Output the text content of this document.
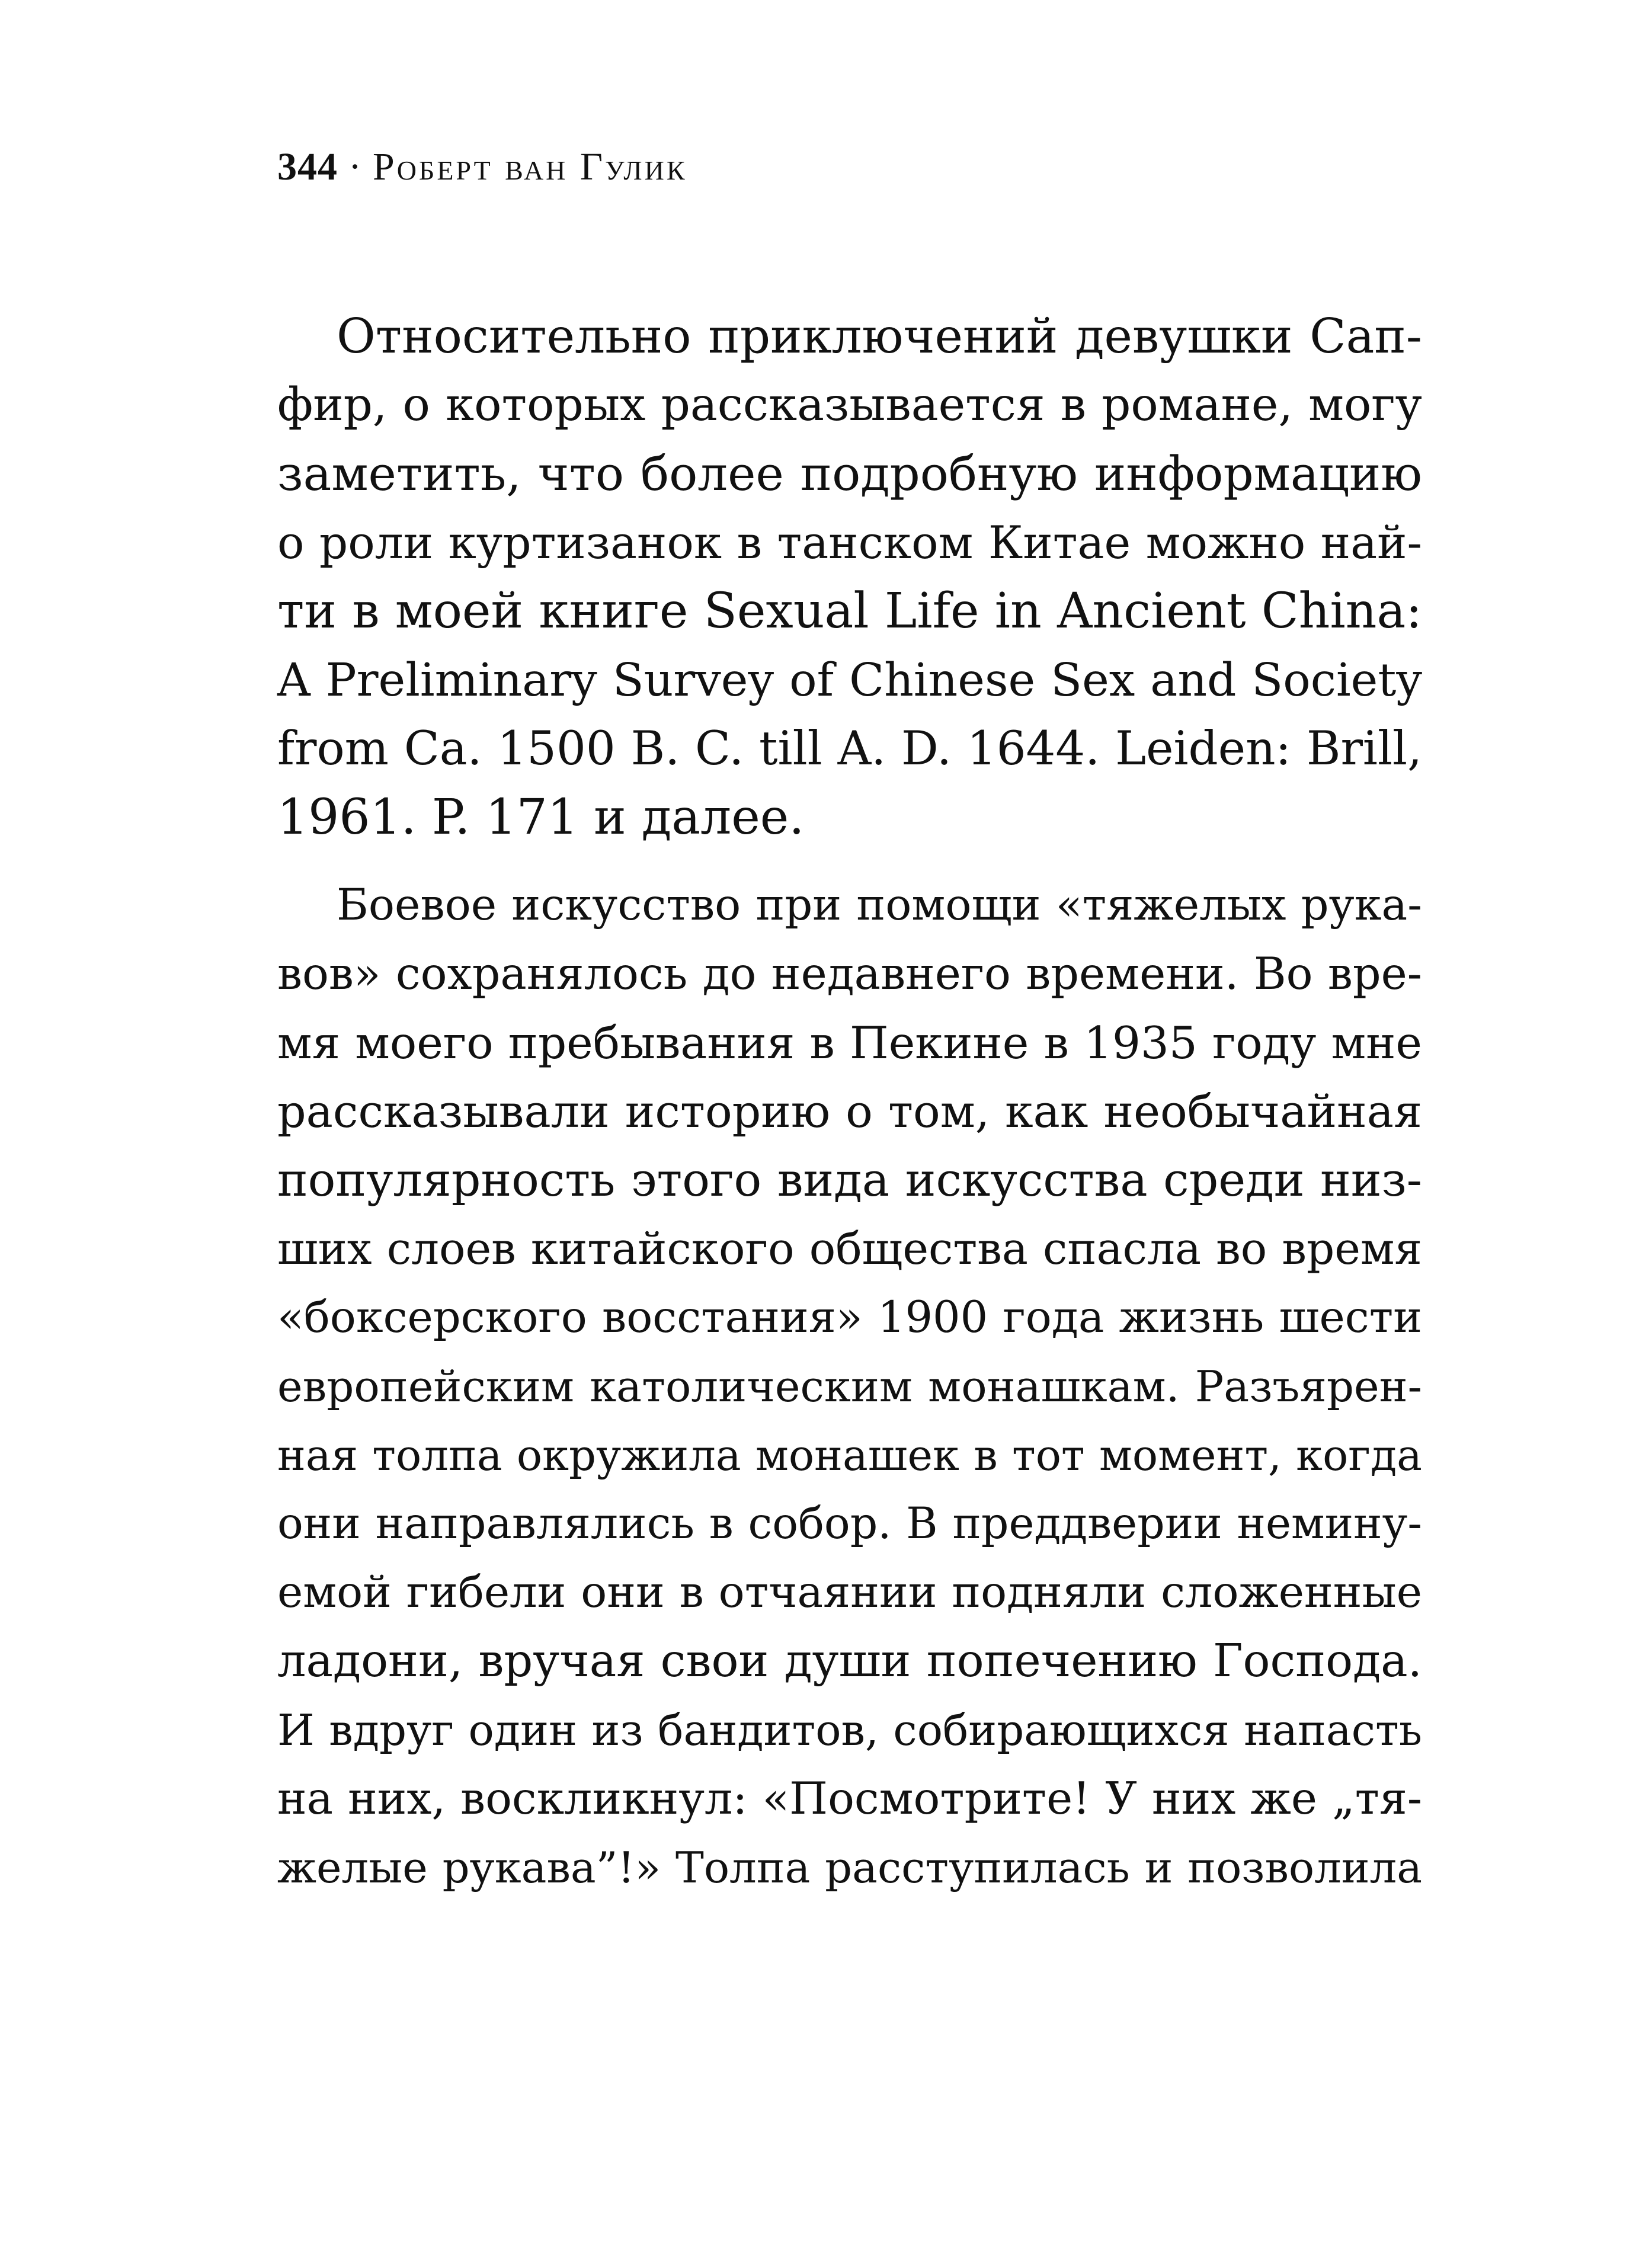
344 · Роберт ван Гулик

Относительно приключений девушки Сап-
фир, о которых рассказывается в романе, могу
заметить, что более подробную информацию
о роли куртизанок в танском Китае можно най-
ти в моей книге Sexual Life in Ancient China:
A Preliminary Survey of Chinese Sex and Society
from Ca. 1500 B. C. till A. D. 1644. Leiden: Brill,
1961. P. 171 и далее.

Боевое искусство при помощи «тяжелых рука-
вов» сохранялось до недавнего времени. Во вре-
мя моего пребывания в Пекине в 1935 году мне
рассказывали историю о том, как необычайная
популярность этого вида искусства среди низ-
ших слоев китайского общества спасла во время
«боксерского восстания» 1900 года жизнь шести
европейским католическим монашкам. Разъярен-
ная толпа окружила монашек в тот момент, когда
они направлялись в собор. В преддверии немину-
емой гибели они в отчаянии подняли сложенные
ладони, вручая свои души попечению Господа.
И вдруг один из бандитов, собирающихся напасть
на них, воскликнул: «Посмотрите! У них же „тя-
желые рукава”!» Толпа расступилась и позволила
